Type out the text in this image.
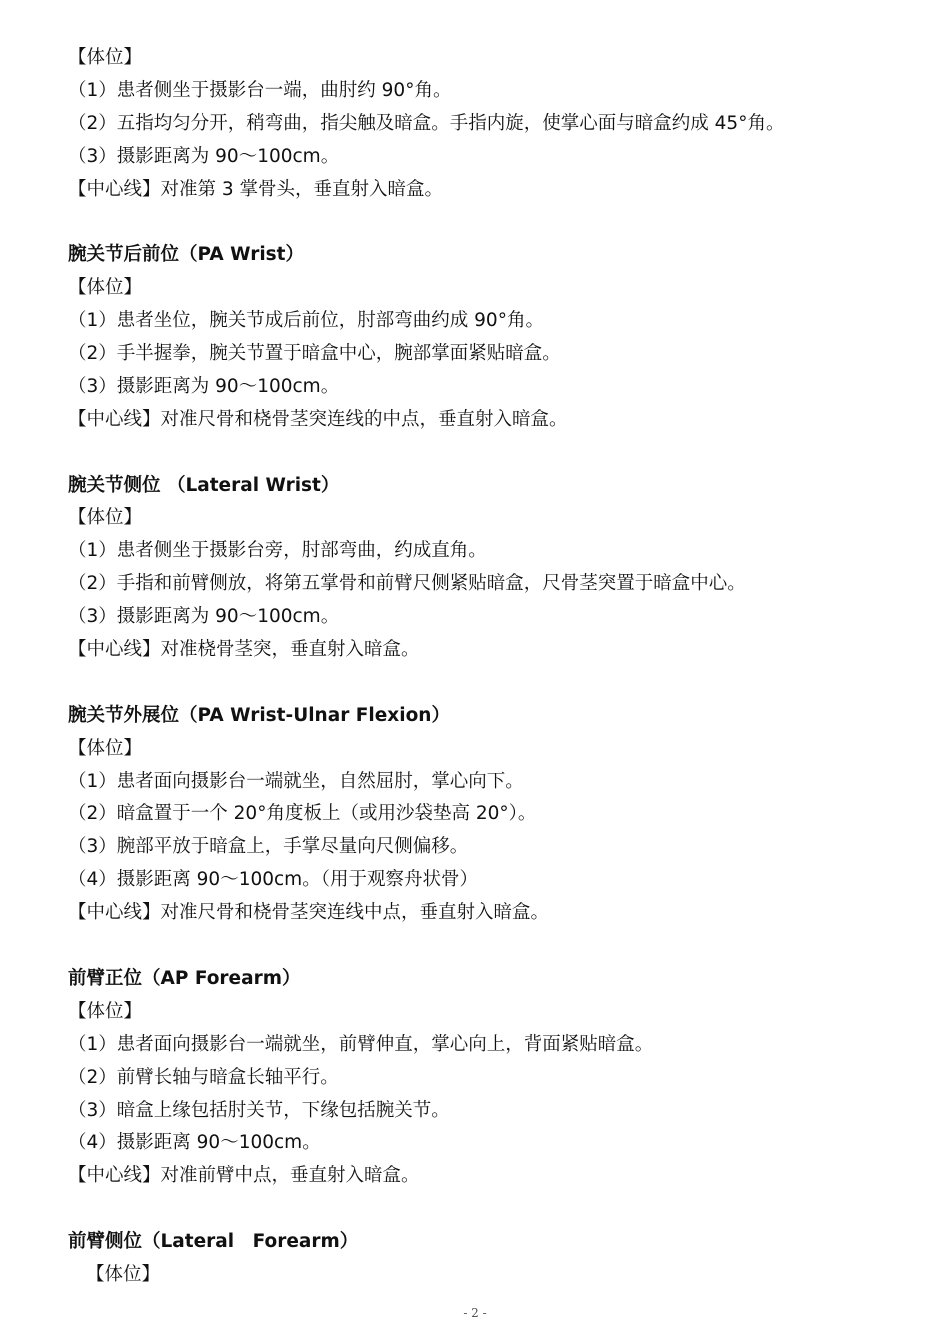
【体位】
（1）患者侧坐于摄影台一端，曲肘约 90°角。
（2）五指均匀分开，稍弯曲，指尖触及暗盒。手指内旋，使掌心面与暗盒约成 45°角。
（3）摄影距离为 90～100cm。
【中心线】对准第 3 掌骨头，垂直射入暗盒。
腕关节后前位（PA Wrist）
【体位】
（1）患者坐位，腕关节成后前位，肘部弯曲约成 90°角。
（2）手半握拳，腕关节置于暗盒中心，腕部掌面紧贴暗盒。
（3）摄影距离为 90～100cm。
【中心线】对准尺骨和桡骨茎突连线的中点，垂直射入暗盒。
腕关节侧位 （Lateral Wrist）
【体位】
（1）患者侧坐于摄影台旁，肘部弯曲，约成直角。
（2）手指和前臂侧放，将第五掌骨和前臂尺侧紧贴暗盒，尺骨茎突置于暗盒中心。
（3）摄影距离为 90～100cm。
【中心线】对准桡骨茎突，垂直射入暗盒。
腕关节外展位（PA Wrist-Ulnar Flexion）
【体位】
（1）患者面向摄影台一端就坐，自然屈肘，掌心向下。
（2）暗盒置于一个 20°角度板上（或用沙袋垫高 20°）。
（3）腕部平放于暗盒上，手掌尽量向尺侧偏移。
（4）摄影距离 90～100cm。（用于观察舟状骨）
【中心线】对准尺骨和桡骨茎突连线中点，垂直射入暗盒。
前臂正位（AP Forearm）
【体位】
（1）患者面向摄影台一端就坐，前臂伸直，掌心向上，背面紧贴暗盒。
（2）前臂长轴与暗盒长轴平行。
（3）暗盒上缘包括肘关节，下缘包括腕关节。
（4）摄影距离 90～100cm。
【中心线】对准前臂中点，垂直射入暗盒。
前臂侧位（Lateral　Forearm）
【体位】
- 2 -
